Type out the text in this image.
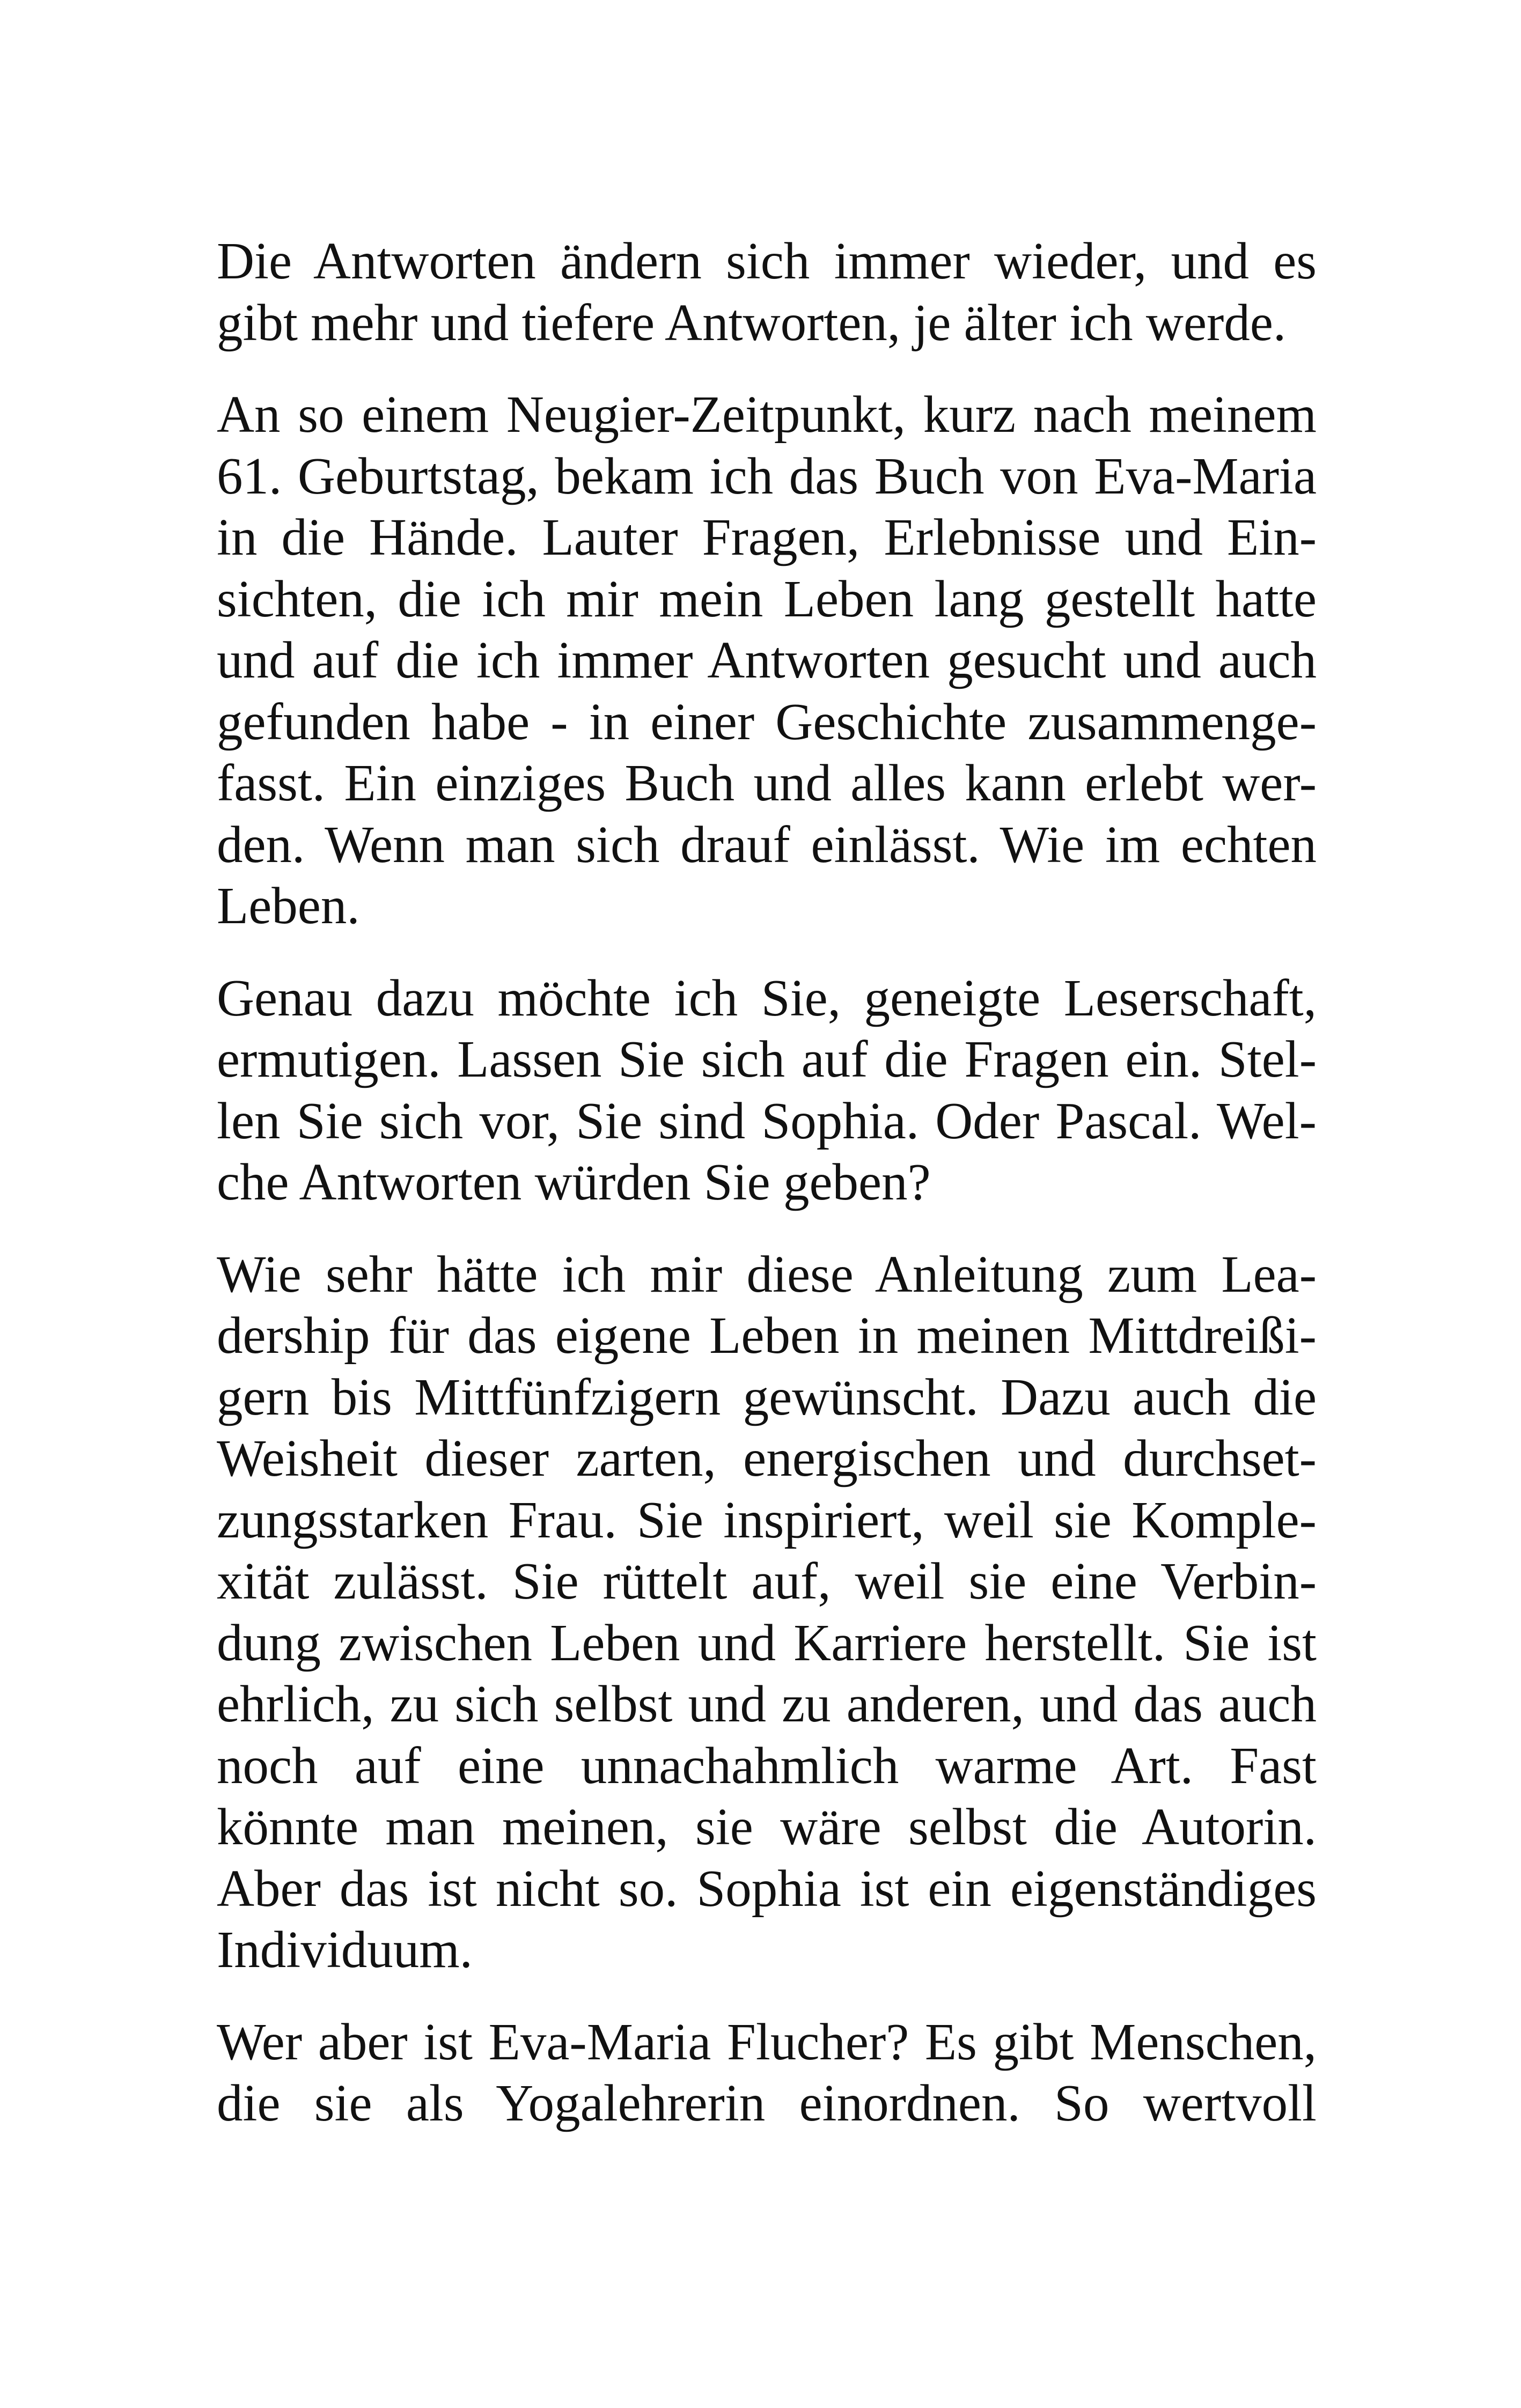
Die Antworten ändern sich immer wieder, und es
gibt mehr und tiefere Antworten, je älter ich werde.
An so einem Neugier-Zeitpunkt, kurz nach meinem
61. Geburtstag, bekam ich das Buch von Eva-Maria
in die Hände. Lauter Fragen, Erlebnisse und Ein-
sichten, die ich mir mein Leben lang gestellt hatte
und auf die ich immer Antworten gesucht und auch
gefunden habe - in einer Geschichte zusammenge-
fasst. Ein einziges Buch und alles kann erlebt wer-
den. Wenn man sich drauf einlässt. Wie im echten
Leben.
Genau dazu möchte ich Sie, geneigte Leserschaft,
ermutigen. Lassen Sie sich auf die Fragen ein. Stel-
len Sie sich vor, Sie sind Sophia. Oder Pascal. Wel-
che Antworten würden Sie geben?
Wie sehr hätte ich mir diese Anleitung zum Lea-
dership für das eigene Leben in meinen Mittdreißi-
gern bis Mittfünfzigern gewünscht. Dazu auch die
Weisheit dieser zarten, energischen und durchset-
zungsstarken Frau. Sie inspiriert, weil sie Komple-
xität zulässt. Sie rüttelt auf, weil sie eine Verbin-
dung zwischen Leben und Karriere herstellt. Sie ist
ehrlich, zu sich selbst und zu anderen, und das auch
noch auf eine unnachahmlich warme Art. Fast
könnte man meinen, sie wäre selbst die Autorin.
Aber das ist nicht so. Sophia ist ein eigenständiges
Individuum.
Wer aber ist Eva-Maria Flucher? Es gibt Menschen,
die sie als Yogalehrerin einordnen. So wertvoll
